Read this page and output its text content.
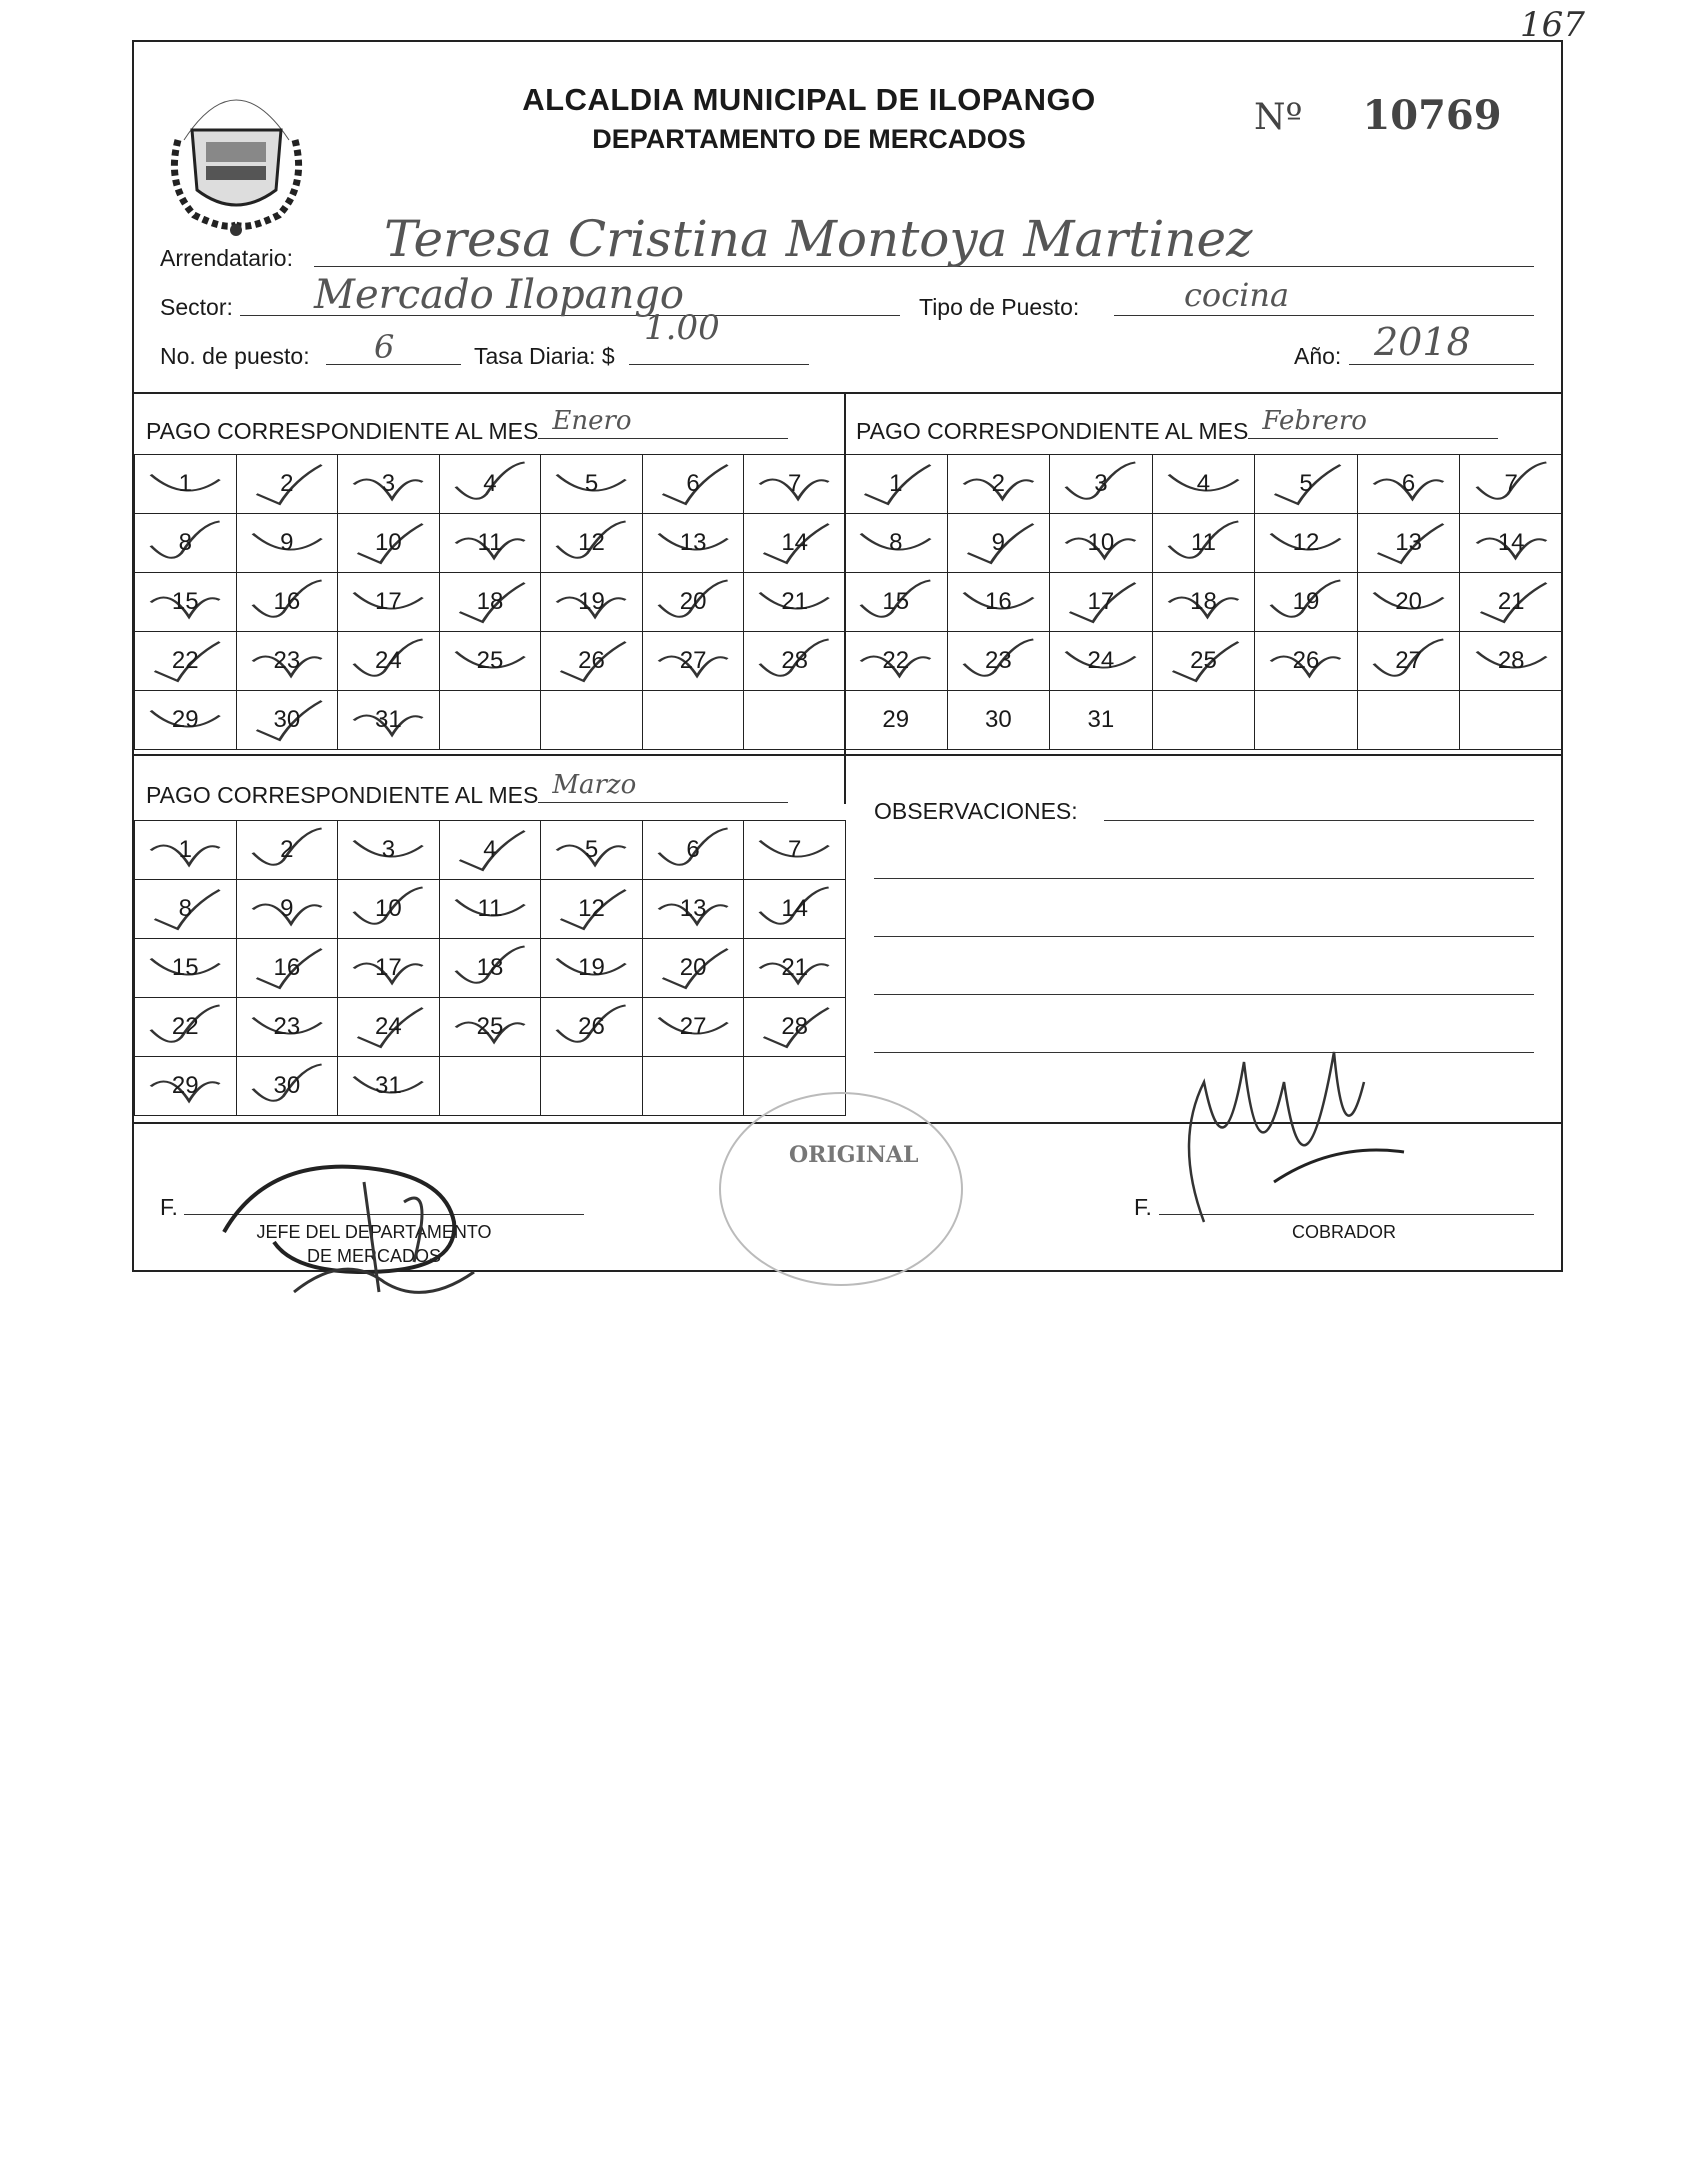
167
ALCALDIA MUNICIPAL DE ILOPANGO
DEPARTAMENTO DE MERCADOS
Nº 10769
Arrendatario: Teresa Cristina Montoya Martinez
Sector: Mercado Ilopango	Tipo de Puesto:	cocina
No. de puesto: 6	Tasa Diaria: $
1.00
Año: 2018
PAGO CORRESPONDIENTE AL MES Enero
1	2	3	4	5	6	7

8	9	10	11	12	13	14

15	16	17	18	19	20	21

22	23	24	25	26	27	28

29	30	31

PAGO CORRESPONDIENTE AL MES Febrero
1	2	3	4	5	6	7

8	9	10	11	12	13	14

15	16	17	18	19	20	21

22	23	24	25	26	27	28

29	30	31				
PAGO CORRESPONDIENTE AL MES Marzo
1	2	3	4	5	6	7

8	9	10	11	12	13	14

15	16	17	18	19	20	21

22	23	24	25	26	27	28

29	30	31

OBSERVACIONES:
F.
JEFE DEL DEPARTAMENTO
DE MERCADOS
F.
COBRADOR
ORIGINAL
